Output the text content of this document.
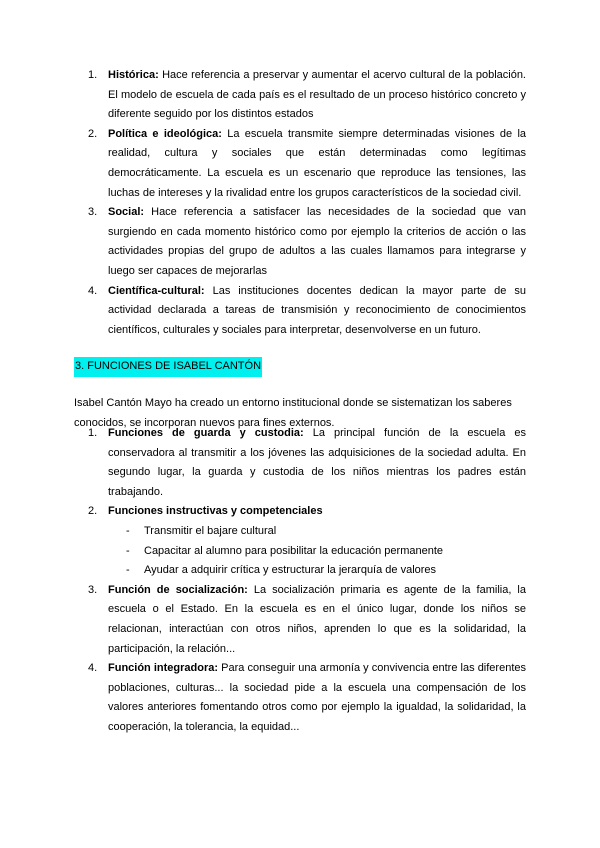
1. Histórica: Hace referencia a preservar y aumentar el acervo cultural de la población. El modelo de escuela de cada país es el resultado de un proceso histórico concreto y diferente seguido por los distintos estados
2. Política e ideológica: La escuela transmite siempre determinadas visiones de la realidad, cultura y sociales que están determinadas como legítimas democráticamente. La escuela es un escenario que reproduce las tensiones, las luchas de intereses y la rivalidad entre los grupos característicos de la sociedad civil.
3. Social: Hace referencia a satisfacer las necesidades de la sociedad que van surgiendo en cada momento histórico como por ejemplo la criterios de acción o las actividades propias del grupo de adultos a las cuales llamamos para integrarse y luego ser capaces de mejorarlas
4. Científica-cultural: Las instituciones docentes dedican la mayor parte de su actividad declarada a tareas de transmisión y reconocimiento de conocimientos científicos, culturales y sociales para interpretar, desenvolverse en un futuro.
3. FUNCIONES DE ISABEL CANTÓN

Isabel Cantón Mayo ha creado un entorno institucional donde se sistematizan los saberes conocidos, se incorporan nuevos para fines externos.

1. Funciones de guarda y custodia: La principal función de la escuela es conservadora al transmitir a los jóvenes las adquisiciones de la sociedad adulta. En segundo lugar, la guarda y custodia de los niños mientras los padres están trabajando.
2. Funciones instructivas y competenciales
- Transmitir el bajare cultural
- Capacitar al alumno para posibilitar la educación permanente
- Ayudar a adquirir crítica y estructurar la jerarquía de valores
3. Función de socialización: La socialización primaria es agente de la familia, la escuela o el Estado. En la escuela es en el único lugar, donde los niños se relacionan, interactúan con otros niños, aprenden lo que es la solidaridad, la participación, la relación...
4. Función integradora: Para conseguir una armonía y convivencia entre las diferentes poblaciones, culturas... la sociedad pide a la escuela una compensación de los valores anteriores fomentando otros como por ejemplo la igualdad, la solidaridad, la cooperación, la tolerancia, la equidad...
